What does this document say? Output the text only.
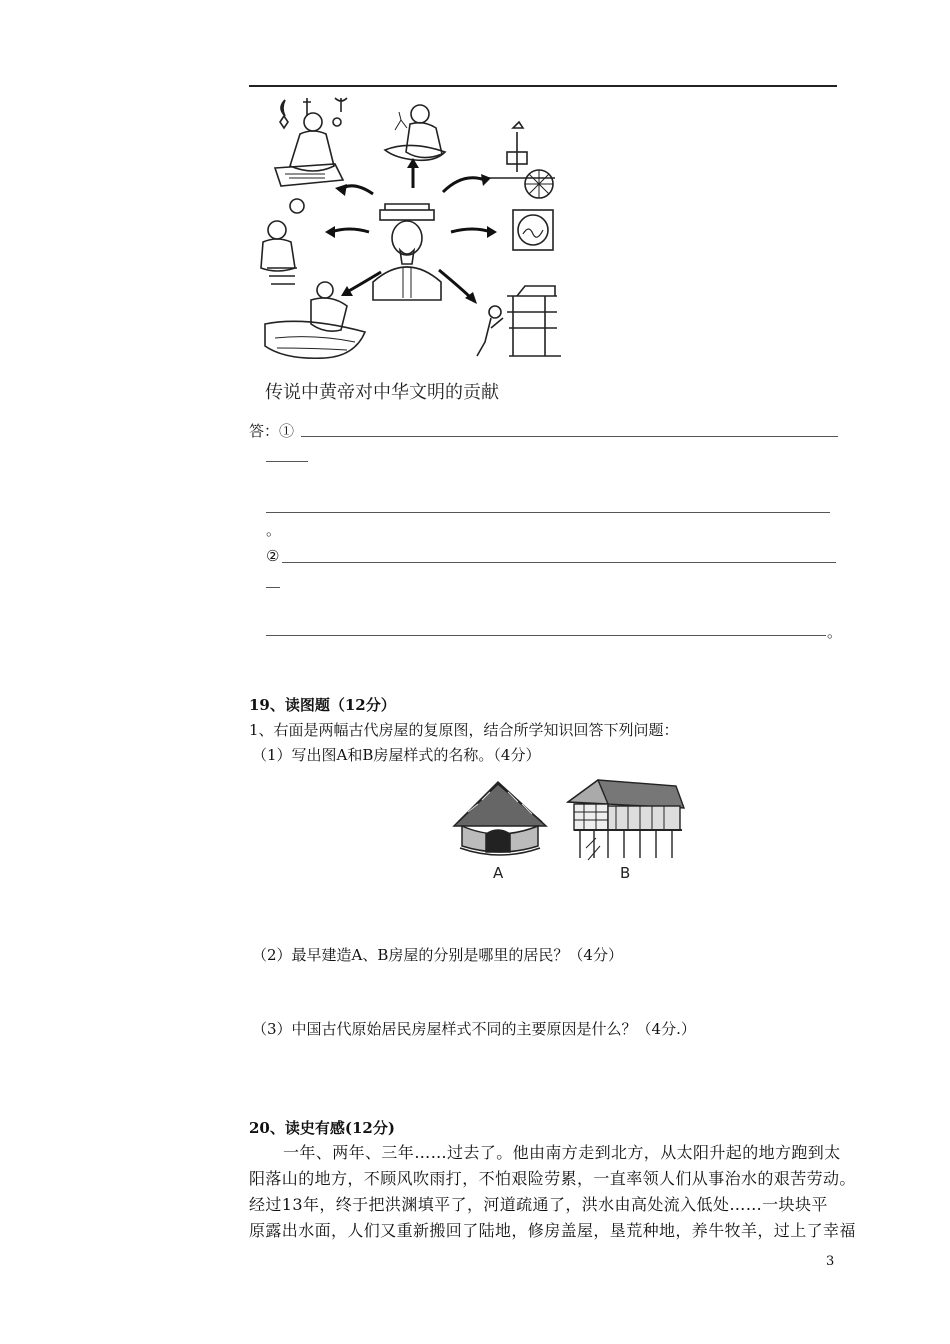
传说中黄帝对中华文明的贡献
答：①
。
②
。
19、读图题（12分）
1、右面是两幅古代房屋的复原图，结合所学知识回答下列问题：
（1）写出图A和B房屋样式的名称。（4分）
A	B
（2）最早建造A、B房屋的分别是哪里的居民？（4分）
（3）中国古代原始居民房屋样式不同的主要原因是什么？（4分.）
20、读史有感(12分)
一年、两年、三年……过去了。他由南方走到北方，从太阳升起的地方跑到太
阳落山的地方，不顾风吹雨打，不怕艰险劳累，一直率领人们从事治水的艰苦劳动。
经过13年，终于把洪渊填平了，河道疏通了，洪水由高处流入低处……一块块平
原露出水面，人们又重新搬回了陆地，修房盖屋，垦荒种地，养牛牧羊，过上了幸福
3
